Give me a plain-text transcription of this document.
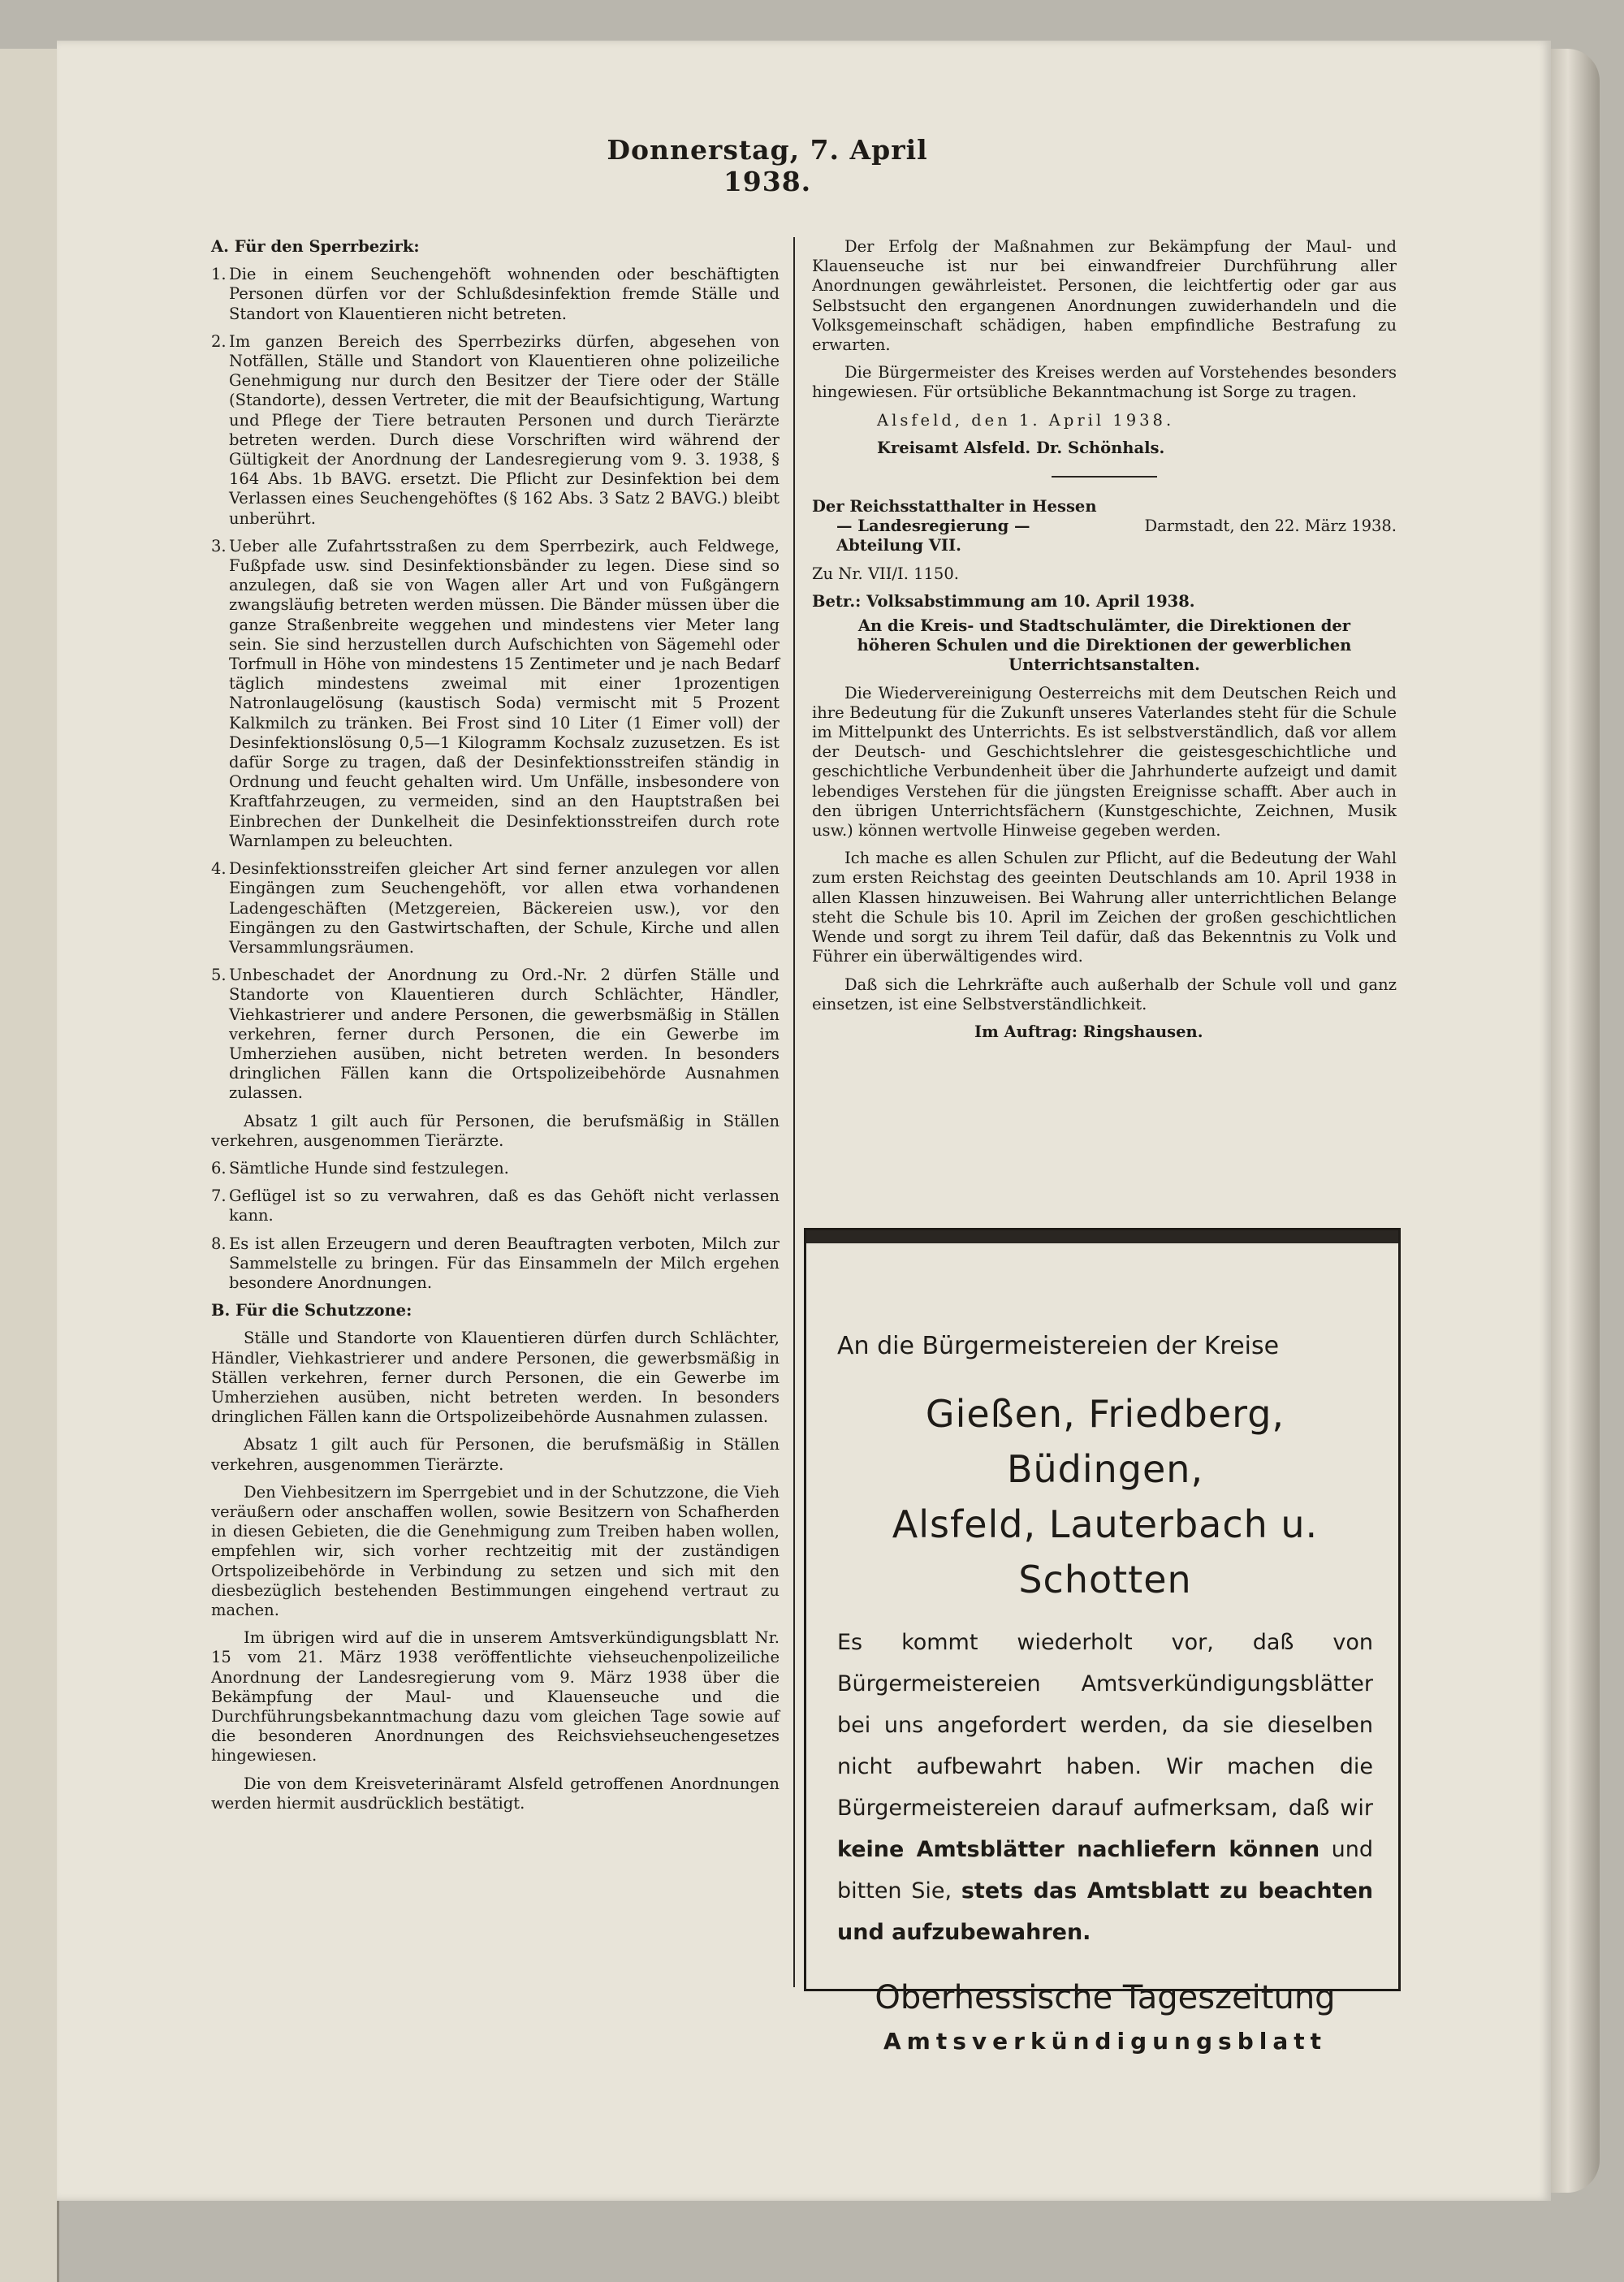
Donnerstag, 7. April 1938.

A. Für den Sperrbezirk:

1. Die in einem Seuchengehöft wohnenden oder beschäftigten Personen dürfen vor der Schlußdesinfektion fremde Ställe und Standort von Klauentieren nicht betreten.
2. Im ganzen Bereich des Sperrbezirks dürfen, abgesehen von Notfällen, Ställe und Standort von Klauentieren ohne polizeiliche Genehmigung nur durch den Besitzer der Tiere oder der Ställe (Standorte), dessen Vertreter, die mit der Beaufsichtigung, Wartung und Pflege der Tiere betrauten Personen und durch Tierärzte betreten werden. Durch diese Vorschriften wird während der Gültigkeit der Anordnung der Landesregierung vom 9. 3. 1938, § 164 Abs. 1b BAVG. ersetzt. Die Pflicht zur Desinfektion bei dem Verlassen eines Seuchengehöftes (§ 162 Abs. 3 Satz 2 BAVG.) bleibt unberührt.
3. Ueber alle Zufahrtsstraßen zu dem Sperrbezirk, auch Feldwege, Fußpfade usw. sind Desinfektionsbänder zu legen. Diese sind so anzulegen, daß sie von Wagen aller Art und von Fußgängern zwangsläufig betreten werden müssen. Die Bänder müssen über die ganze Straßenbreite weggehen und mindestens vier Meter lang sein. Sie sind herzustellen durch Aufschichten von Sägemehl oder Torfmull in Höhe von mindestens 15 Zentimeter und je nach Bedarf täglich mindestens zweimal mit einer 1prozentigen Natronlaugelösung (kaustisch Soda) vermischt mit 5 Prozent Kalkmilch zu tränken. Bei Frost sind 10 Liter (1 Eimer voll) der Desinfektionslösung 0,5—1 Kilogramm Kochsalz zuzusetzen. Es ist dafür Sorge zu tragen, daß der Desinfektionsstreifen ständig in Ordnung und feucht gehalten wird. Um Unfälle, insbesondere von Kraftfahrzeugen, zu vermeiden, sind an den Hauptstraßen bei Einbrechen der Dunkelheit die Desinfektionsstreifen durch rote Warnlampen zu beleuchten.
4. Desinfektionsstreifen gleicher Art sind ferner anzulegen vor allen Eingängen zum Seuchengehöft, vor allen etwa vorhandenen Ladengeschäften (Metzgereien, Bäckereien usw.), vor den Eingängen zu den Gastwirtschaften, der Schule, Kirche und allen Versammlungsräumen.
5. Unbeschadet der Anordnung zu Ord.-Nr. 2 dürfen Ställe und Standorte von Klauentieren durch Schlächter, Händler, Viehkastrierer und andere Personen, die gewerbsmäßig in Ställen verkehren, ferner durch Personen, die ein Gewerbe im Umherziehen ausüben, nicht betreten werden. In besonders dringlichen Fällen kann die Ortspolizeibehörde Ausnahmen zulassen.

Absatz 1 gilt auch für Personen, die berufsmäßig in Ställen verkehren, ausgenommen Tierärzte.

6. Sämtliche Hunde sind festzulegen.
7. Geflügel ist so zu verwahren, daß es das Gehöft nicht verlassen kann.
8. Es ist allen Erzeugern und deren Beauftragten verboten, Milch zur Sammelstelle zu bringen. Für das Einsammeln der Milch ergehen besondere Anordnungen.

B. Für die Schutzzone:

Ställe und Standorte von Klauentieren dürfen durch Schlächter, Händler, Viehkastrierer und andere Personen, die gewerbsmäßig in Ställen verkehren, ferner durch Personen, die ein Gewerbe im Umherziehen ausüben, nicht betreten werden. In besonders dringlichen Fällen kann die Ortspolizeibehörde Ausnahmen zulassen.

Absatz 1 gilt auch für Personen, die berufsmäßig in Ställen verkehren, ausgenommen Tierärzte.

Den Viehbesitzern im Sperrgebiet und in der Schutzzone, die Vieh veräußern oder anschaffen wollen, sowie Besitzern von Schafherden in diesen Gebieten, die die Genehmigung zum Treiben haben wollen, empfehlen wir, sich vorher rechtzeitig mit der zuständigen Ortspolizeibehörde in Verbindung zu setzen und sich mit den diesbezüglich bestehenden Bestimmungen eingehend vertraut zu machen.

Im übrigen wird auf die in unserem Amtsverkündigungsblatt Nr. 15 vom 21. März 1938 veröffentlichte viehseuchenpolizeiliche Anordnung der Landesregierung vom 9. März 1938 über die Bekämpfung der Maul- und Klauenseuche und die Durchführungsbekanntmachung dazu vom gleichen Tage sowie auf die besonderen Anordnungen des Reichsviehseuchengesetzes hingewiesen.

Die von dem Kreisveterinäramt Alsfeld getroffenen Anordnungen werden hiermit ausdrücklich bestätigt.

Der Erfolg der Maßnahmen zur Bekämpfung der Maul- und Klauenseuche ist nur bei einwandfreier Durchführung aller Anordnungen gewährleistet. Personen, die leichtfertig oder gar aus Selbstsucht den ergangenen Anordnungen zuwiderhandeln und die Volksgemeinschaft schädigen, haben empfindliche Bestrafung zu erwarten.

Die Bürgermeister des Kreises werden auf Vorstehendes besonders hingewiesen. Für ortsübliche Bekanntmachung ist Sorge zu tragen.

Alsfeld, den 1. April 1938.

Kreisamt Alsfeld. Dr. Schönhals.

Der Reichsstatthalter in Hessen

— Landesregierung —	Darmstadt, den 22. März 1938.

Abteilung VII.

Zu Nr. VII/I. 1150.

Betr.: Volksabstimmung am 10. April 1938.

An die Kreis- und Stadtschulämter, die Direktionen der höheren Schulen und die Direktionen der gewerblichen Unterrichtsanstalten.

Die Wiedervereinigung Oesterreichs mit dem Deutschen Reich und ihre Bedeutung für die Zukunft unseres Vaterlandes steht für die Schule im Mittelpunkt des Unterrichts. Es ist selbstverständlich, daß vor allem der Deutsch- und Geschichtslehrer die geistesgeschichtliche und geschichtliche Verbundenheit über die Jahrhunderte aufzeigt und damit lebendiges Verstehen für die jüngsten Ereignisse schafft. Aber auch in den übrigen Unterrichtsfächern (Kunstgeschichte, Zeichnen, Musik usw.) können wertvolle Hinweise gegeben werden.

Ich mache es allen Schulen zur Pflicht, auf die Bedeutung der Wahl zum ersten Reichstag des geeinten Deutschlands am 10. April 1938 in allen Klassen hinzuweisen. Bei Wahrung aller unterrichtlichen Belange steht die Schule bis 10. April im Zeichen der großen geschichtlichen Wende und sorgt zu ihrem Teil dafür, daß das Bekenntnis zu Volk und Führer ein überwältigendes wird.

Daß sich die Lehrkräfte auch außerhalb der Schule voll und ganz einsetzen, ist eine Selbstverständlichkeit.

Im Auftrag: Ringshausen.

An die Bürgermeistereien der Kreise
Gießen, Friedberg, Büdingen,
Alsfeld, Lauterbach u. Schotten
Es kommt wiederholt vor, daß von Bürgermeistereien Amtsverkündigungsblätter bei uns angefordert werden, da sie dieselben nicht aufbewahrt haben. Wir machen die Bürgermeistereien darauf aufmerksam, daß wir keine Amtsblätter nachliefern können und bitten Sie, stets das Amtsblatt zu beachten und aufzubewahren.
Oberhessische Tageszeitung
Amtsverkündigungsblatt
